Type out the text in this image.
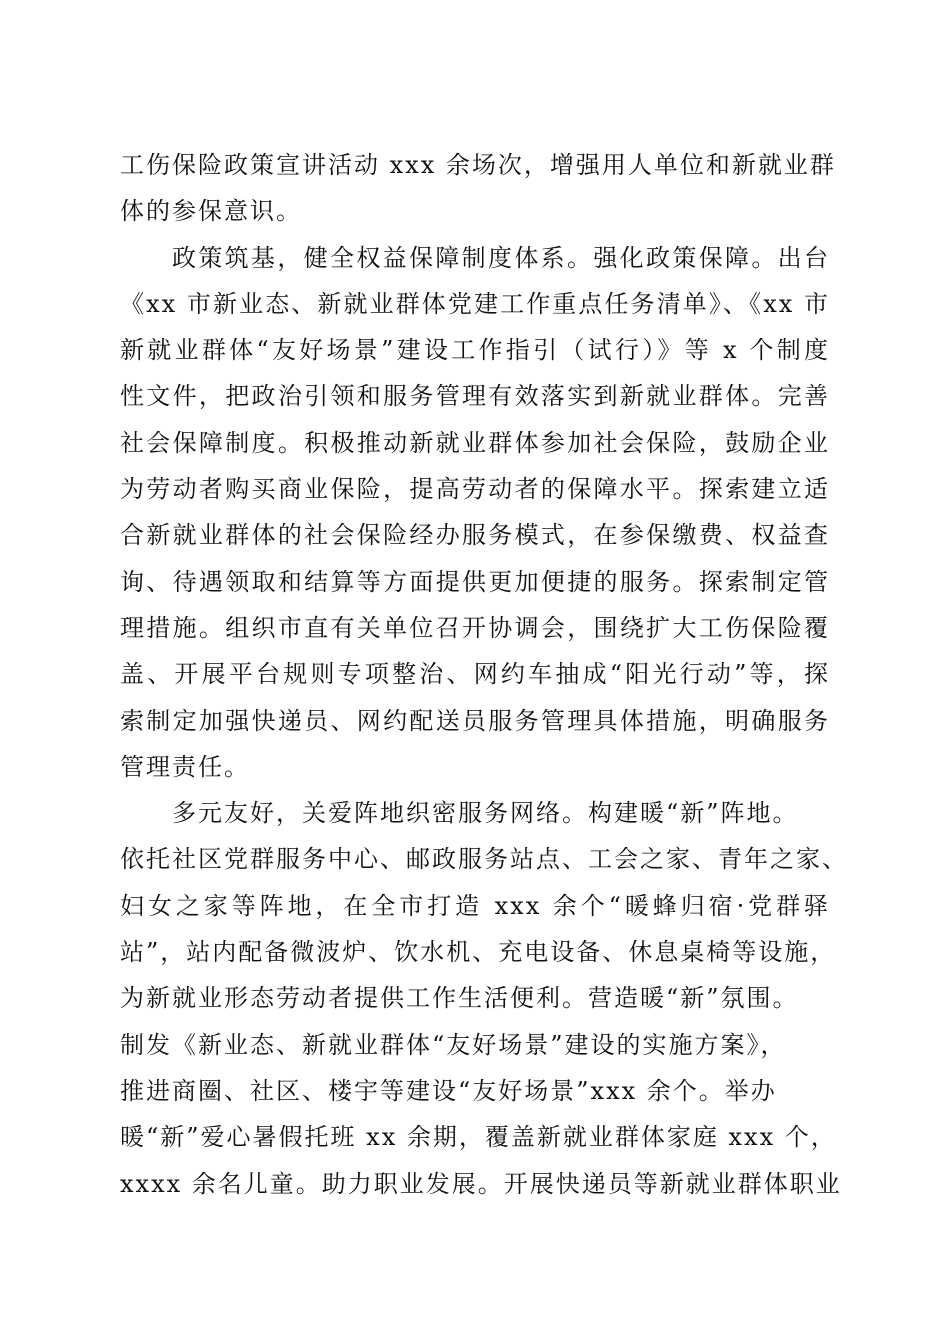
工伤保险政策宣讲活动 xxx 余场次，增强用人单位和新就业群
体的参保意识。
政策筑基，健全权益保障制度体系。强化政策保障。出台
《xx 市新业态、新就业群体党建工作重点任务清单》、《xx 市
新就业群体“友好场景”建设工作指引（试行）》等 x 个制度
性文件，把政治引领和服务管理有效落实到新就业群体。完善
社会保障制度。积极推动新就业群体参加社会保险，鼓励企业
为劳动者购买商业保险，提高劳动者的保障水平。探索建立适
合新就业群体的社会保险经办服务模式，在参保缴费、权益查
询、待遇领取和结算等方面提供更加便捷的服务。探索制定管
理措施。组织市直有关单位召开协调会，围绕扩大工伤保险覆
盖、开展平台规则专项整治、网约车抽成“阳光行动”等，探
索制定加强快递员、网约配送员服务管理具体措施，明确服务
管理责任。
多元友好，关爱阵地织密服务网络。构建暖“新”阵地。
依托社区党群服务中心、邮政服务站点、工会之家、青年之家、
妇女之家等阵地，在全市打造 xxx 余个“暖蜂归宿·党群驿
站”，站内配备微波炉、饮水机、充电设备、休息桌椅等设施，
为新就业形态劳动者提供工作生活便利。营造暖“新”氛围。
制发《新业态、新就业群体“友好场景”建设的实施方案》，
推进商圈、社区、楼宇等建设“友好场景”xxx 余个。举办
暖“新”爱心暑假托班 xx 余期，覆盖新就业群体家庭 xxx 个，
xxxx 余名儿童。助力职业发展。开展快递员等新就业群体职业
